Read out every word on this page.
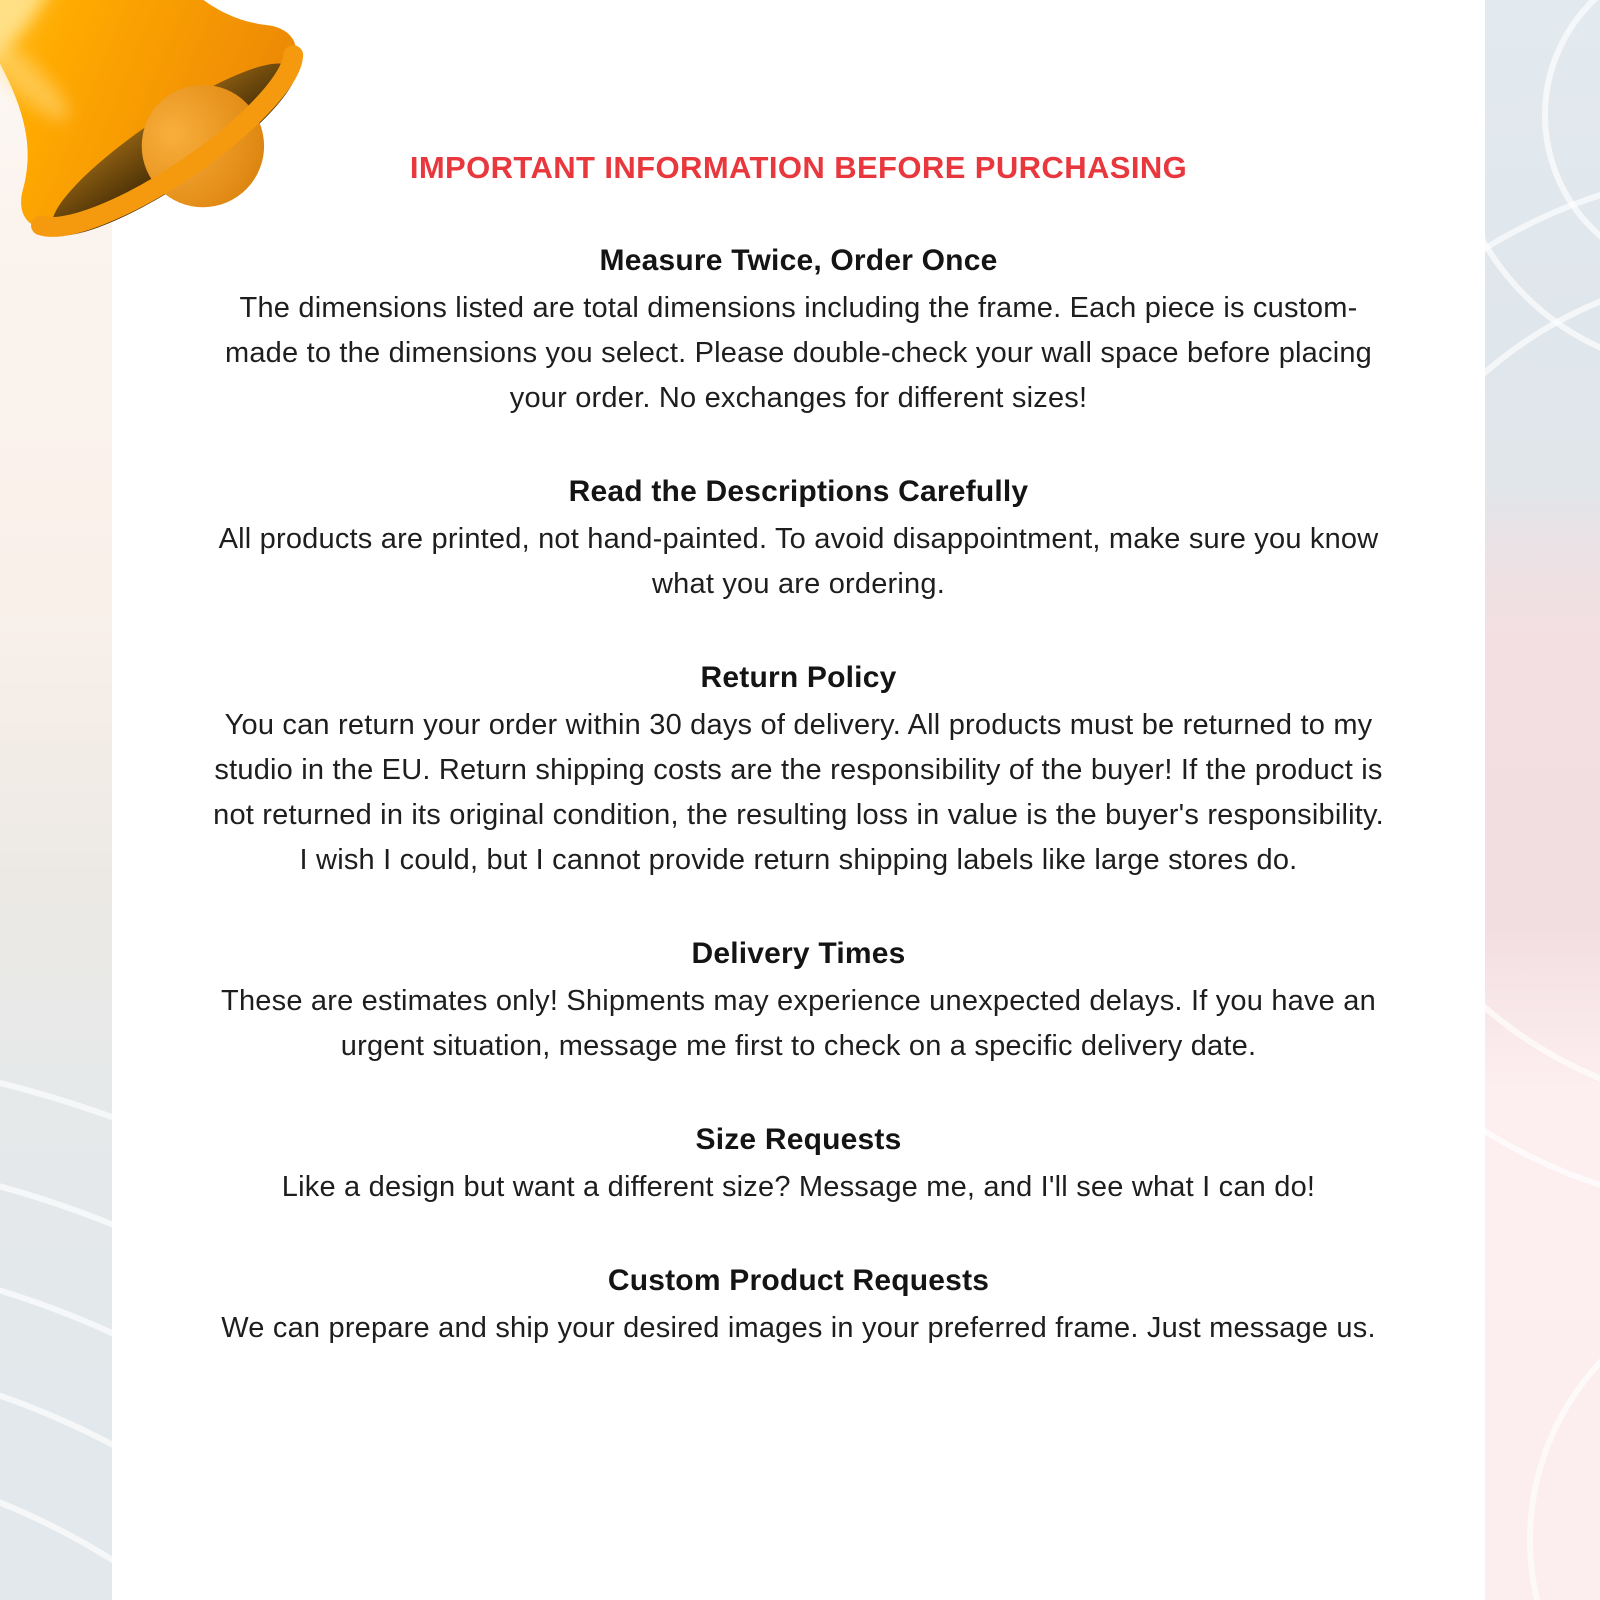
IMPORTANT INFORMATION BEFORE PURCHASING
Measure Twice, Order Once

The dimensions listed are total dimensions including the frame. Each piece is custom-made to the dimensions you select. Please double-check your wall space before placing your order. No exchanges for different sizes!

Read the Descriptions Carefully

All products are printed, not hand-painted. To avoid disappointment, make sure you know what you are ordering.

Return Policy

You can return your order within 30 days of delivery. All products must be returned to my studio in the EU. Return shipping costs are the responsibility of the buyer! If the product is not returned in its original condition, the resulting loss in value is the buyer's responsibility. I wish I could, but I cannot provide return shipping labels like large stores do.

Delivery Times

These are estimates only! Shipments may experience unexpected delays. If you have an urgent situation, message me first to check on a specific delivery date.

Size Requests

Like a design but want a different size? Message me, and I'll see what I can do!

Custom Product Requests

We can prepare and ship your desired images in your preferred frame. Just message us.
